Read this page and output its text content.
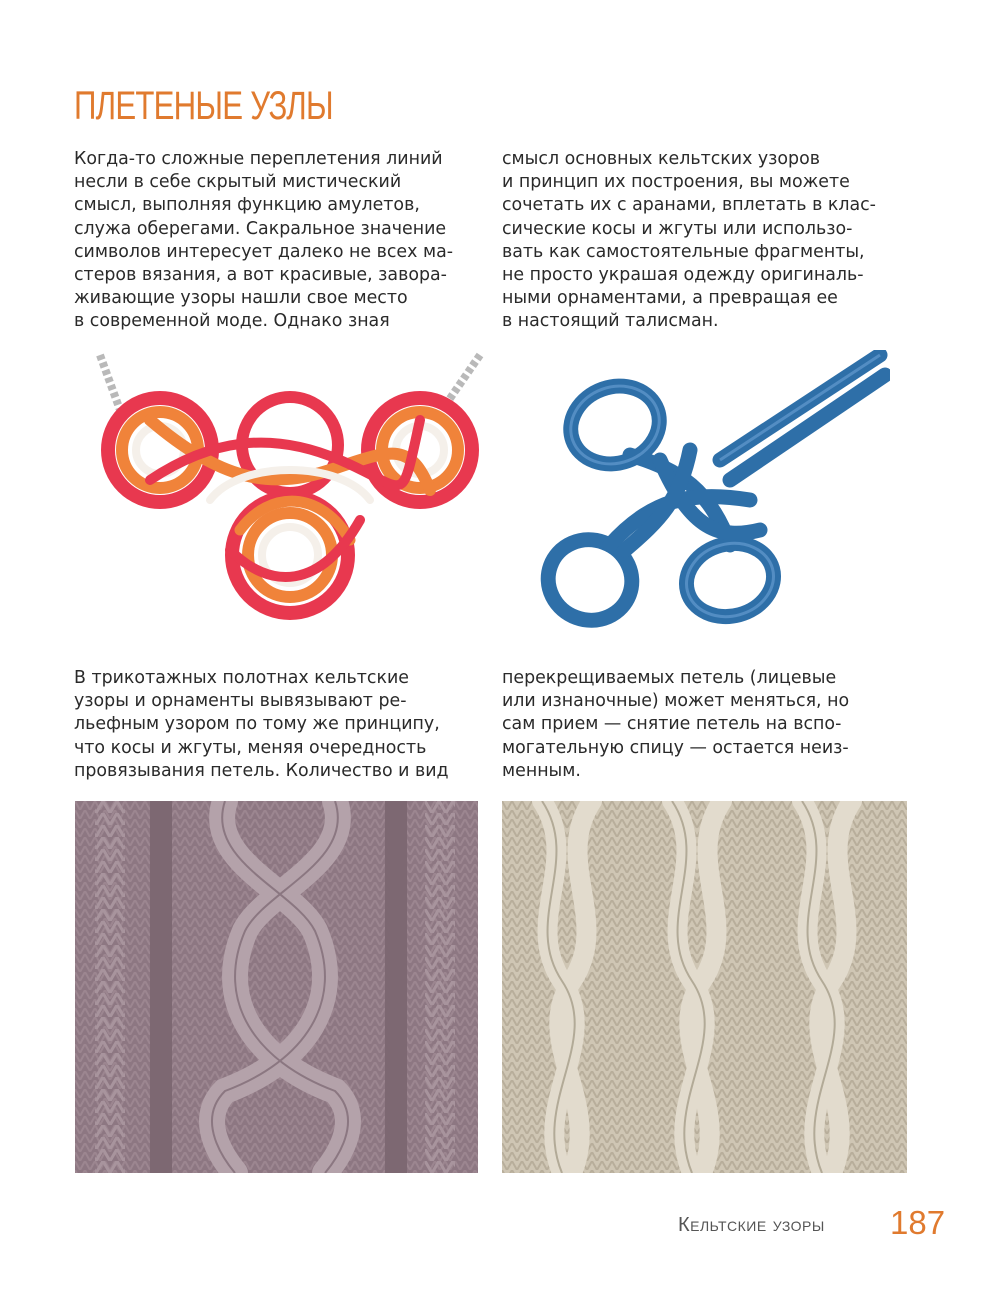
ПЛЕТЕНЫЕ УЗЛЫ
Когда-то сложные переплетения линий
несли в себе скрытый мистический
смысл, выполняя функцию амулетов,
служа оберегами. Сакральное значение
символов интересует далеко не всех ма-
стеров вязания, а вот красивые, завора-
живающие узоры нашли свое место
в современной моде. Однако зная
смысл основных кельтских узоров
и принцип их построения, вы можете
сочетать их с аранами, вплетать в клас-
сические косы и жгуты или использо-
вать как самостоятельные фрагменты,
не просто украшая одежду оригиналь-
ными орнаментами, а превращая ее
в настоящий талисман.
В трикотажных полотнах кельтские
узоры и орнаменты вывязывают ре-
льефным узором по тому же принципу,
что косы и жгуты, меняя очередность
провязывания петель. Количество и вид
перекрещиваемых петель (лицевые
или изнаночные) может меняться, но
сам прием — снятие петель на вспо-
могательную спицу — остается неиз-
менным.
Кельтские узоры 187
